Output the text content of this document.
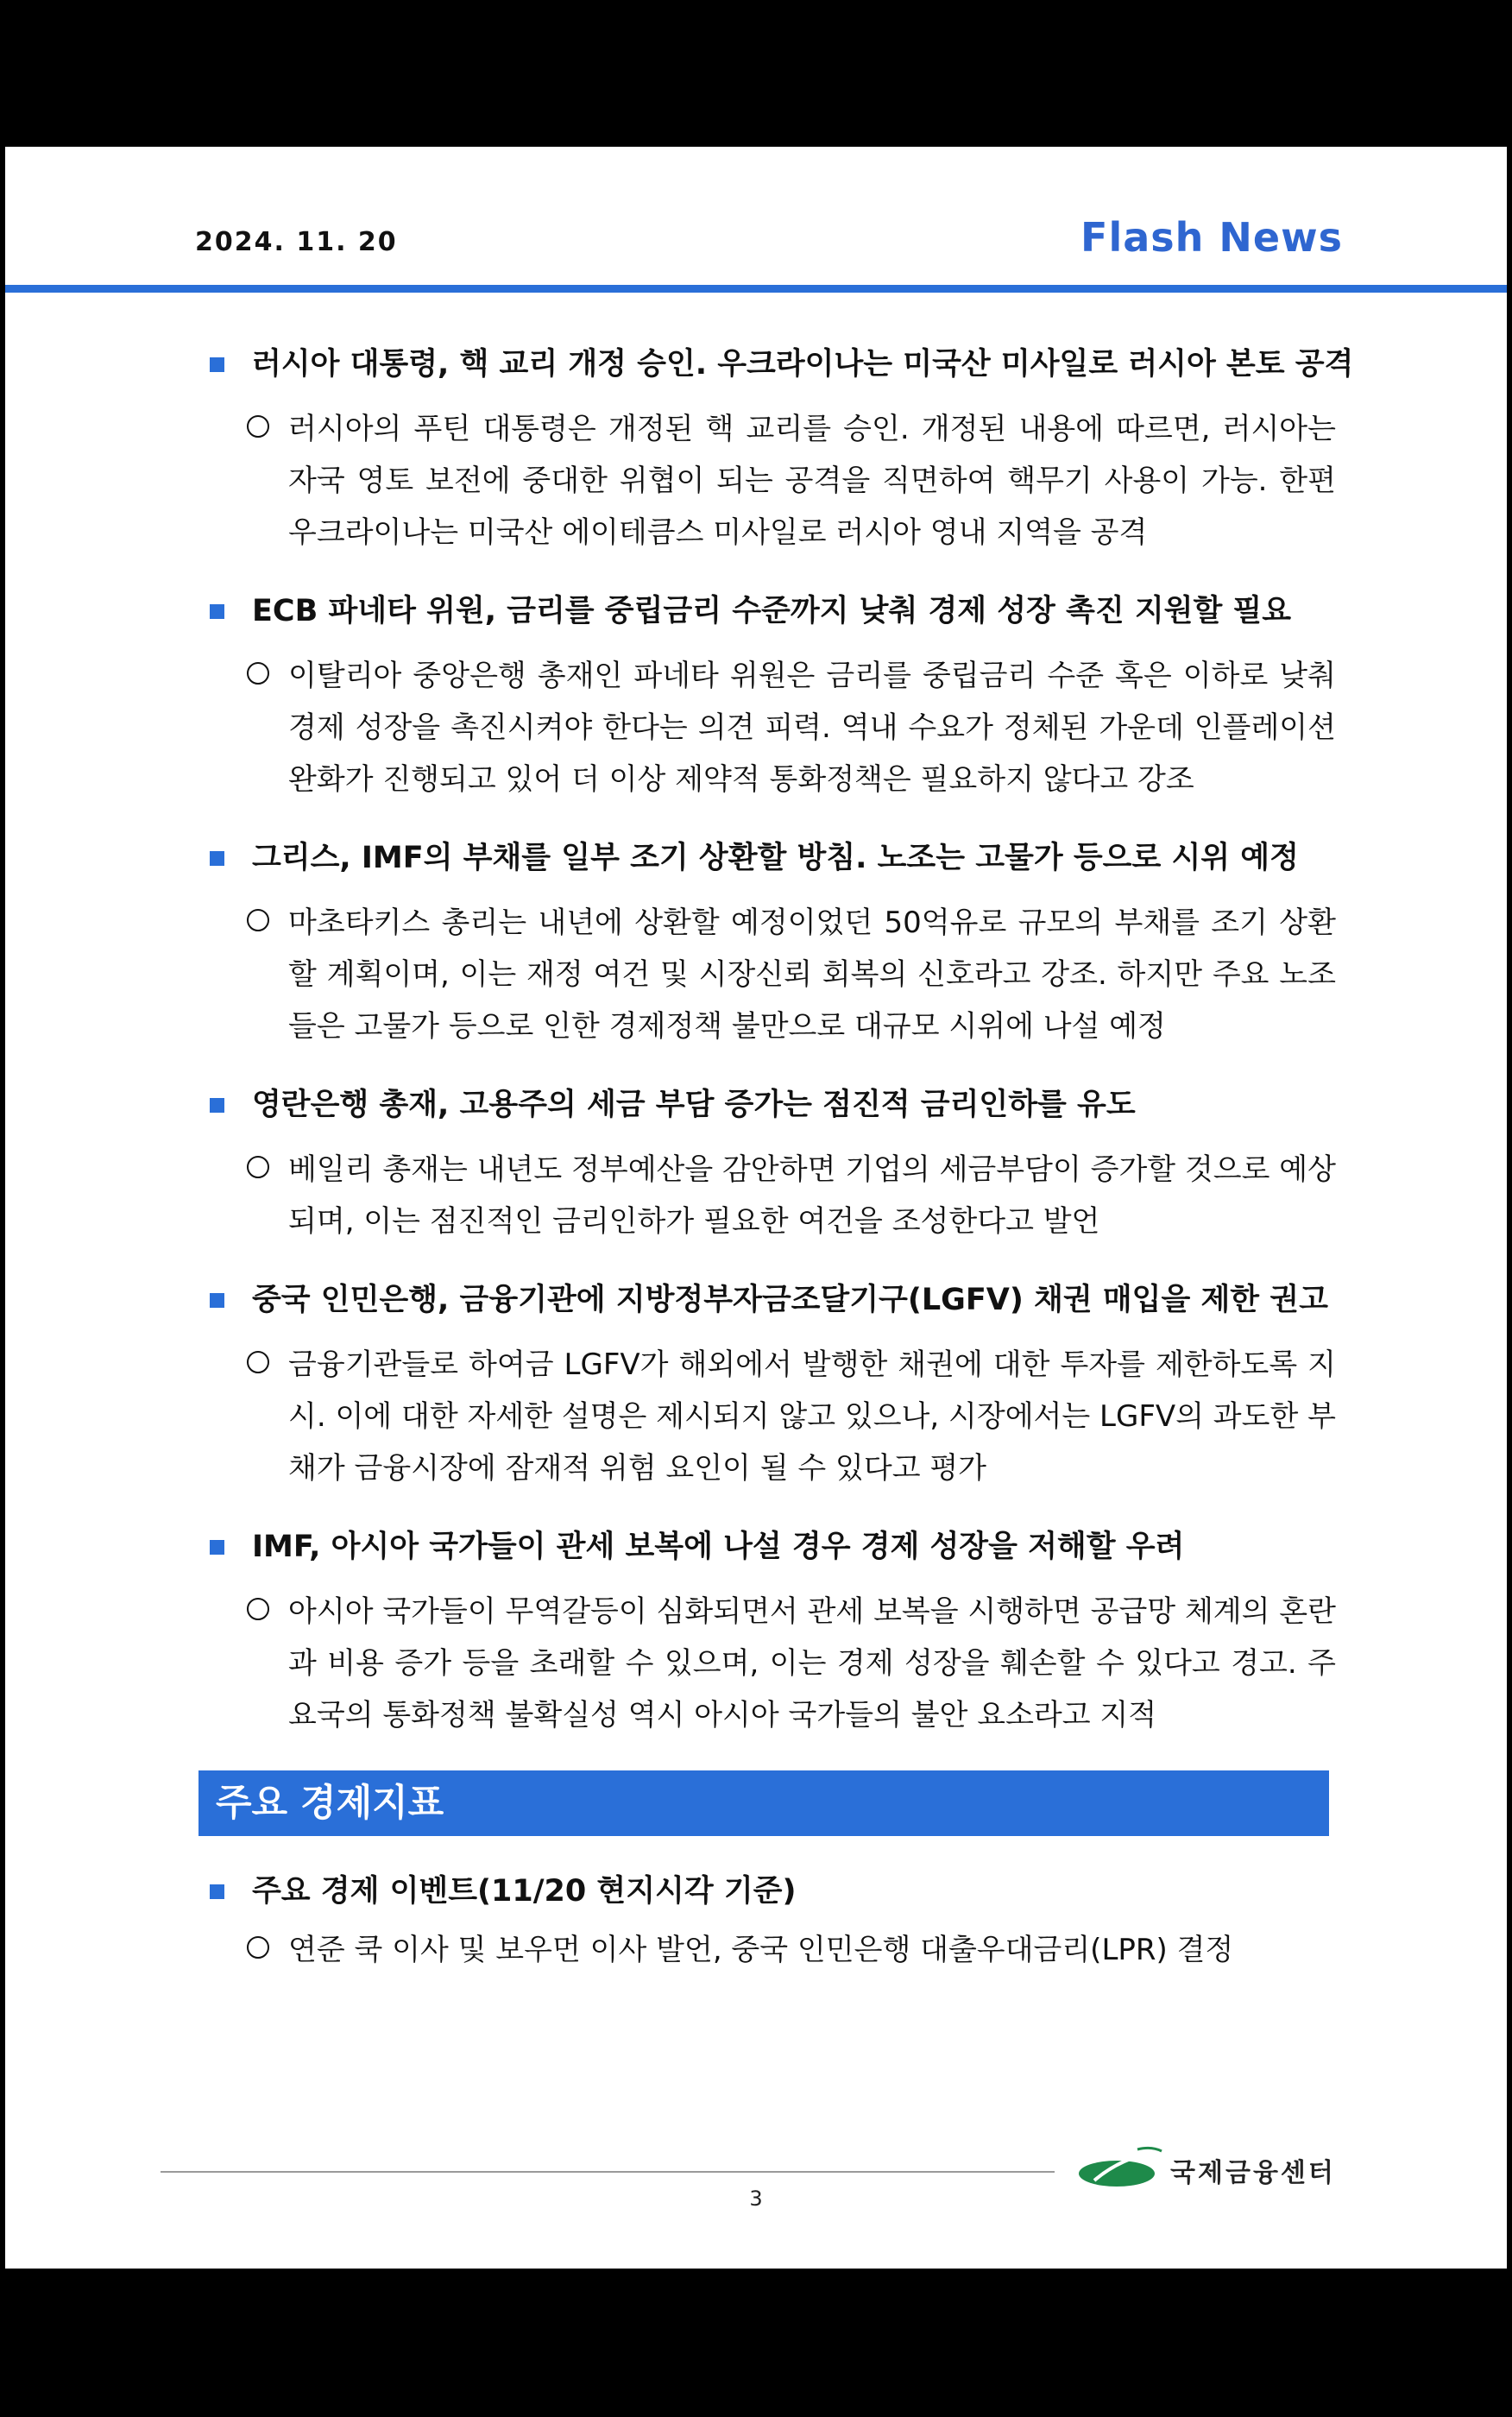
2024. 11. 20	Flash News
러시아 대통령, 핵 교리 개정 승인. 우크라이나는 미국산 미사일로 러시아 본토 공격
러시아의 푸틴 대통령은 개정된 핵 교리를 승인. 개정된 내용에 따르면, 러시아는 자국 영토 보전에 중대한 위협이 되는 공격을 직면하여 핵무기 사용이 가능. 한편 우크라이나는 미국산 에이테큼스 미사일로 러시아 영내 지역을 공격
ECB 파네타 위원, 금리를 중립금리 수준까지 낮춰 경제 성장 촉진 지원할 필요
이탈리아 중앙은행 총재인 파네타 위원은 금리를 중립금리 수준 혹은 이하로 낮춰 경제 성장을 촉진시켜야 한다는 의견 피력. 역내 수요가 정체된 가운데 인플레이션 완화가 진행되고 있어 더 이상 제약적 통화정책은 필요하지 않다고 강조
그리스, IMF의 부채를 일부 조기 상환할 방침. 노조는 고물가 등으로 시위 예정
마초타키스 총리는 내년에 상환할 예정이었던 50억유로 규모의 부채를 조기 상환할 계획이며, 이는 재정 여건 및 시장신뢰 회복의 신호라고 강조. 하지만 주요 노조들은 고물가 등으로 인한 경제정책 불만으로 대규모 시위에 나설 예정
영란은행 총재, 고용주의 세금 부담 증가는 점진적 금리인하를 유도
베일리 총재는 내년도 정부예산을 감안하면 기업의 세금부담이 증가할 것으로 예상되며, 이는 점진적인 금리인하가 필요한 여건을 조성한다고 발언
중국 인민은행, 금융기관에 지방정부자금조달기구(LGFV) 채권 매입을 제한 권고
금융기관들로 하여금 LGFV가 해외에서 발행한 채권에 대한 투자를 제한하도록 지시. 이에 대한 자세한 설명은 제시되지 않고 있으나, 시장에서는 LGFV의 과도한 부채가 금융시장에 잠재적 위험 요인이 될 수 있다고 평가
IMF, 아시아 국가들이 관세 보복에 나설 경우 경제 성장을 저해할 우려
아시아 국가들이 무역갈등이 심화되면서 관세 보복을 시행하면 공급망 체계의 혼란과 비용 증가 등을 초래할 수 있으며, 이는 경제 성장을 훼손할 수 있다고 경고. 주요국의 통화정책 불확실성 역시 아시아 국가들의 불안 요소라고 지적
주요 경제지표
주요 경제 이벤트(11/20 현지시각 기준)
연준 쿡 이사 및 보우먼 이사 발언, 중국 인민은행 대출우대금리(LPR) 결정
국제금융센터
3
